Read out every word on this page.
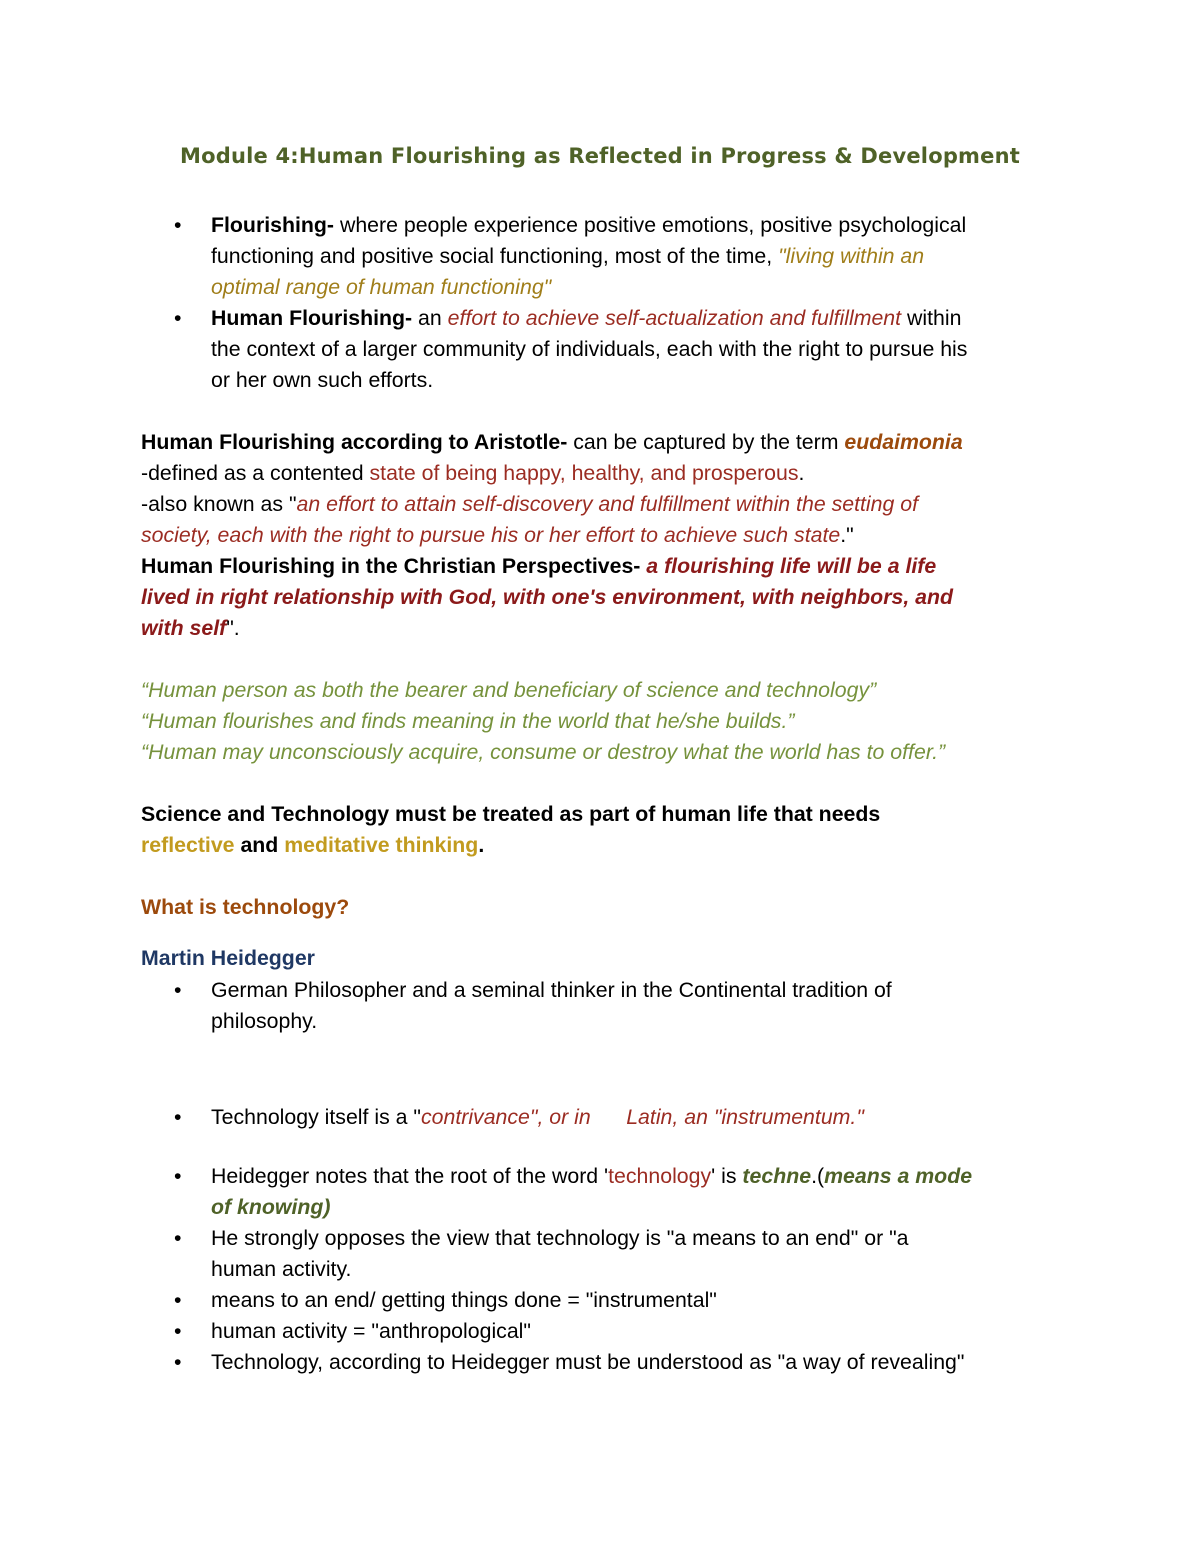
Module 4:Human Flourishing as Reflected in Progress & Development
• Flourishing- where people experience positive emotions, positive psychological
functioning and positive social functioning, most of the time, "living within an
optimal range of human functioning"
• Human Flourishing- an effort to achieve self-actualization and fulfillment within
the context of a larger community of individuals, each with the right to pursue his
or her own such efforts.
Human Flourishing according to Aristotle- can be captured by the term eudaimonia
-defined as a contented state of being happy, healthy, and prosperous.
-also known as "an effort to attain self-discovery and fulfillment within the setting of
society, each with the right to pursue his or her effort to achieve such state."
Human Flourishing in the Christian Perspectives- a flourishing life will be a life
lived in right relationship with God, with one's environment, with neighbors, and
with self".
“Human person as both the bearer and beneficiary of science and technology”
“Human flourishes and finds meaning in the world that he/she builds.”
“Human may unconsciously acquire, consume or destroy what the world has to offer.”
Science and Technology must be treated as part of human life that needs
reflective and meditative thinking.
What is technology?
Martin Heidegger
• German Philosopher and a seminal thinker in the Continental tradition of
philosophy.
• Technology itself is a "contrivance", or in      Latin, an "instrumentum."
• Heidegger notes that the root of the word 'technology' is techne.(means a mode
of knowing)
• He strongly opposes the view that technology is "a means to an end" or "a
human activity.
• means to an end/ getting things done = "instrumental"
• human activity = "anthropological"
• Technology, according to Heidegger must be understood as "a way of revealing"
